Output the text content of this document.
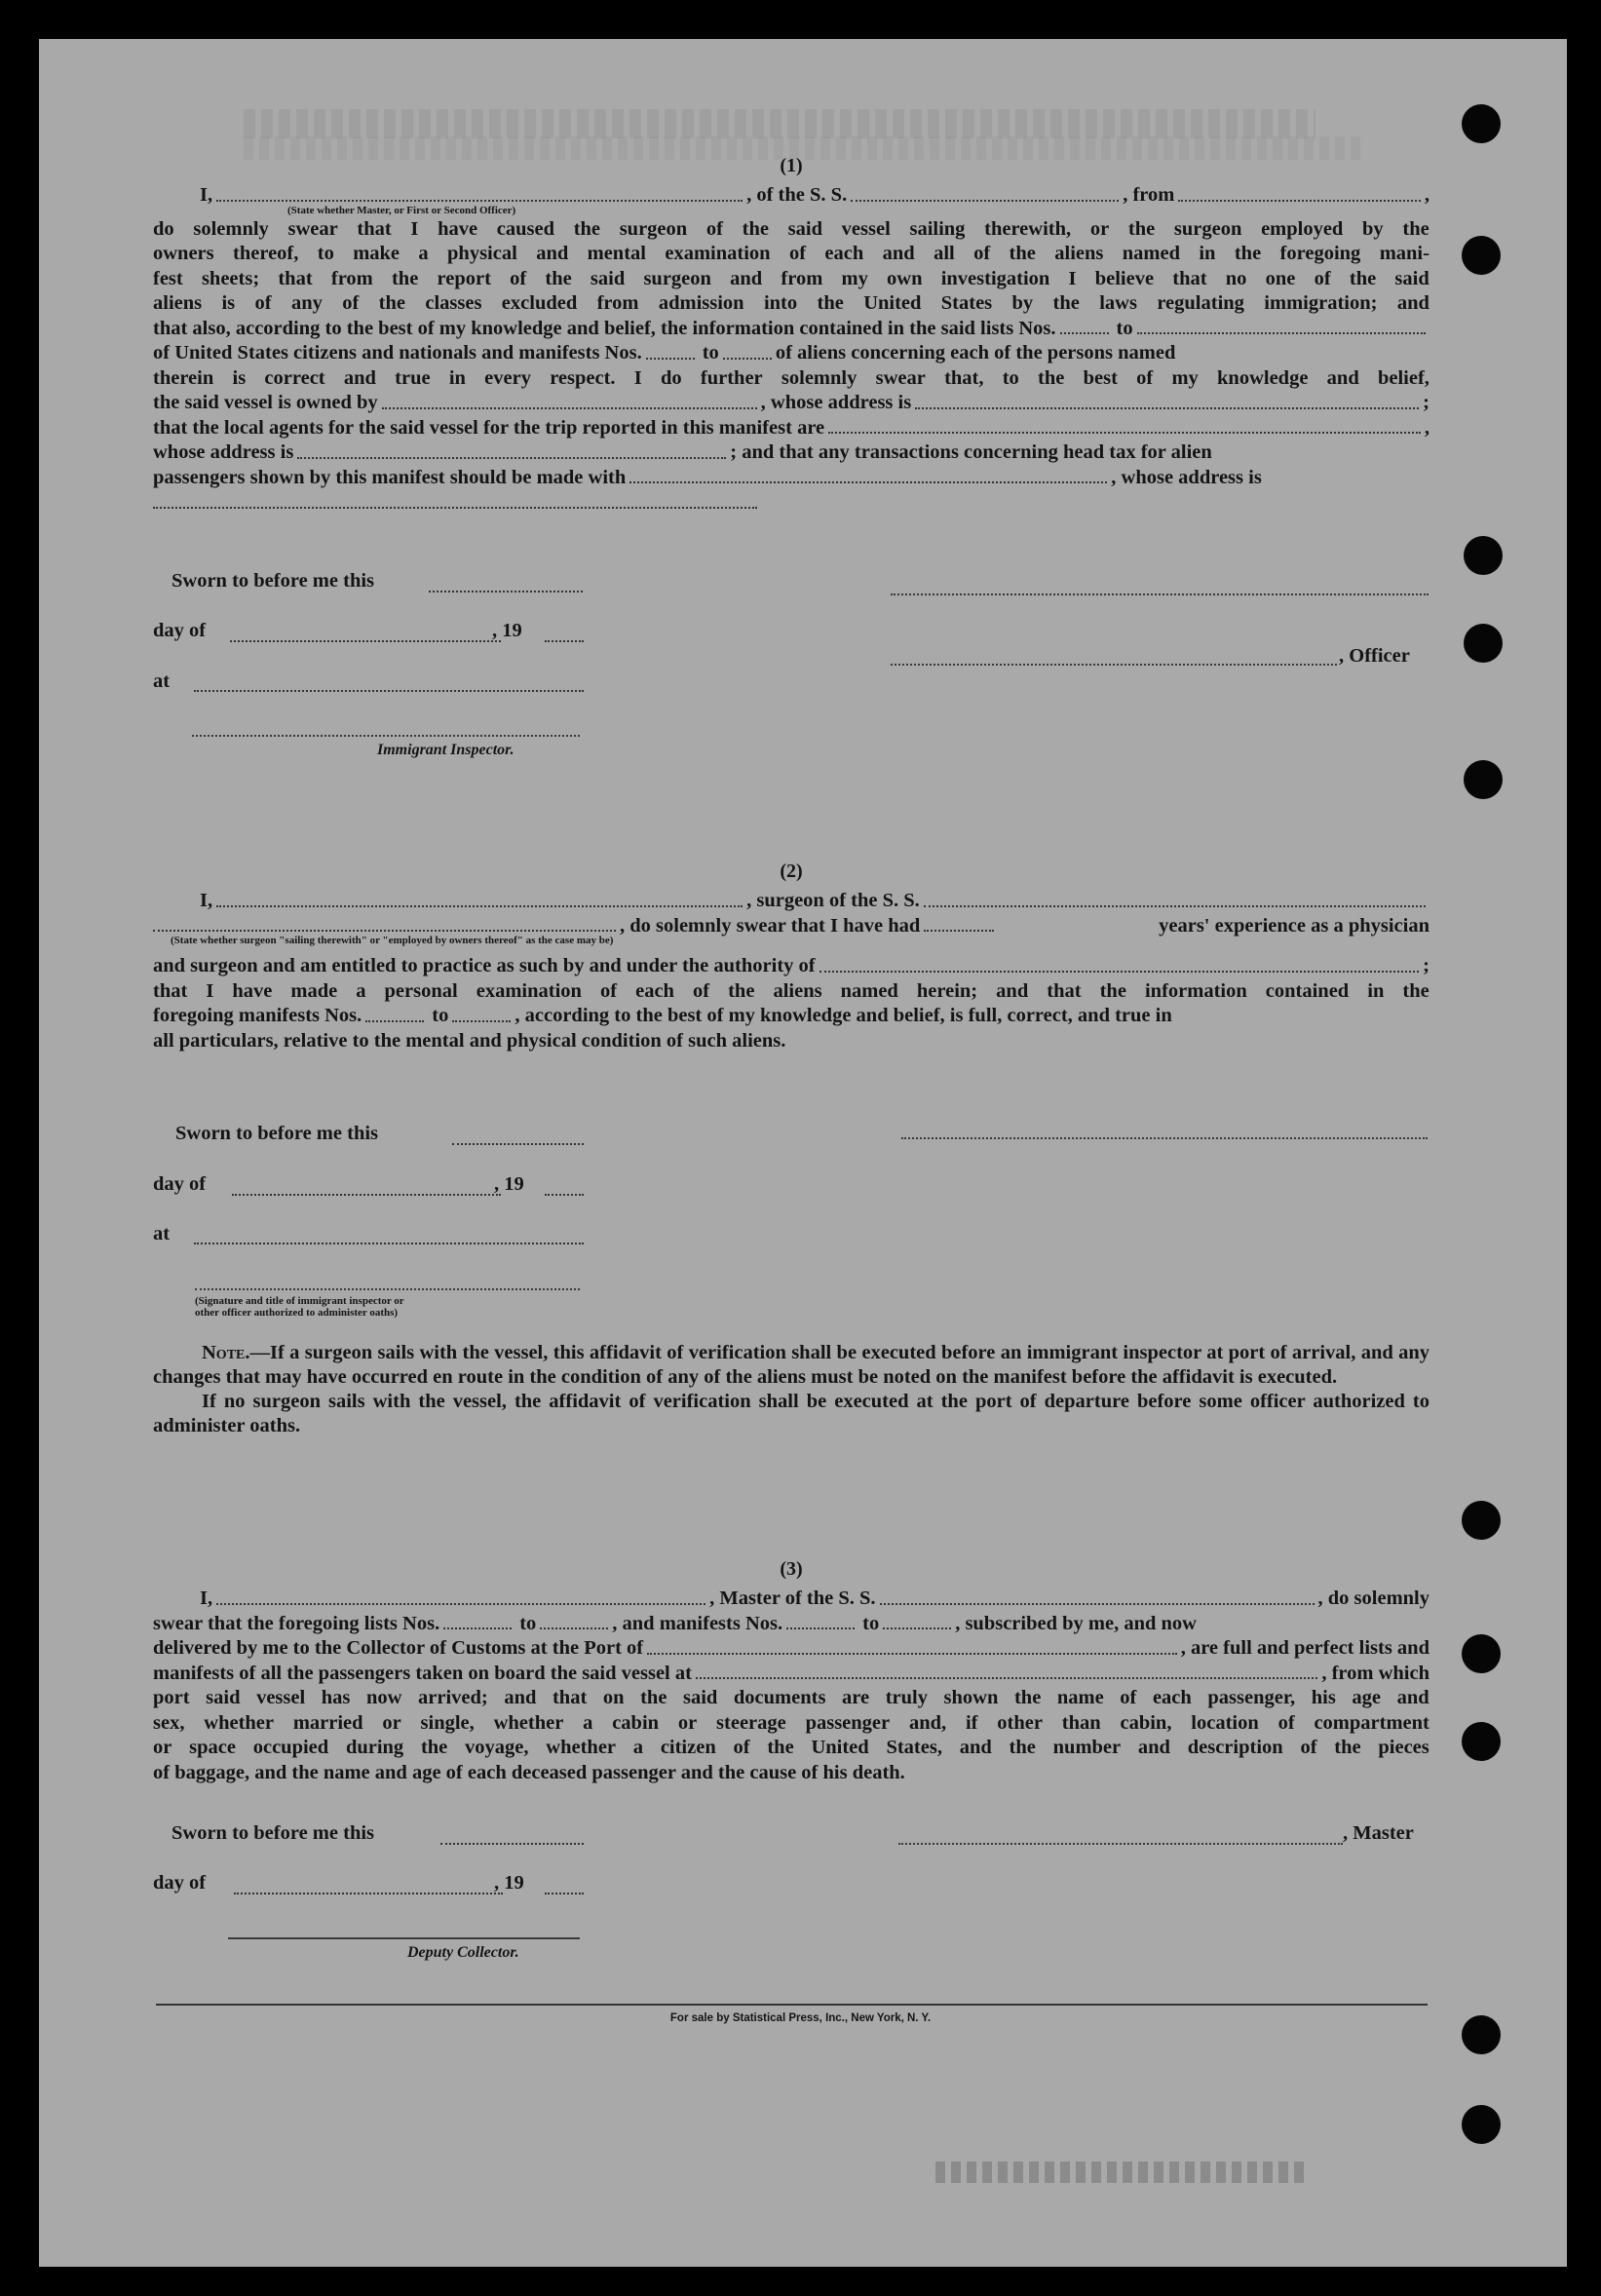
(1)
I,	, of the S. S.	, from	,
(State whether Master, or First or Second Officer)
do solemnly swear that I have caused the surgeon of the said vessel sailing therewith, or the surgeon employed by the
owners thereof, to make a physical and mental examination of each and all of the aliens named in the foregoing mani-
fest sheets; that from the report of the said surgeon and from my own investigation I believe that no one of the said
aliens is of any of the classes excluded from admission into the United States by the laws regulating immigration; and
that also, according to the best of my knowledge and belief, the information contained in the said lists Nos.	to
of United States citizens and nationals and manifests Nos.	to	of aliens concerning each of the persons named
therein is correct and true in every respect. I do further solemnly swear that, to the best of my knowledge and belief,
the said vessel is owned by	, whose address is	;
that the local agents for the said vessel for the trip reported in this manifest are	,
whose address is	; and that any transactions concerning head tax for alien
passengers shown by this manifest should be made with	, whose address is
Sworn to before me this
day of	, 19
at
Immigrant Inspector.
, Officer
(2)
I,	, surgeon of the S. S.
, do solemnly swear that I have had	years' experience as a physician
(State whether surgeon "sailing therewith" or "employed by owners thereof" as the case may be)
and surgeon and am entitled to practice as such by and under the authority of	;
that I have made a personal examination of each of the aliens named herein; and that the information contained in the
foregoing manifests Nos.	to	, according to the best of my knowledge and belief, is full, correct, and true in
all particulars, relative to the mental and physical condition of such aliens.
Sworn to before me this
day of	, 19
at
(Signature and title of immigrant inspector or
other officer authorized to administer oaths)
Note.—If a surgeon sails with the vessel, this affidavit of verification shall be executed before an immigrant inspector at port of arrival, and any changes that may have occurred en route in the condition of any of the aliens must be noted on the manifest before the affidavit is executed.
If no surgeon sails with the vessel, the affidavit of verification shall be executed at the port of departure before some officer authorized to administer oaths.
(3)
I,	, Master of the S. S.	, do solemnly
swear that the foregoing lists Nos.	to	, and manifests Nos.	to	, subscribed by me, and now
delivered by me to the Collector of Customs at the Port of	, are full and perfect lists and
manifests of all the passengers taken on board the said vessel at	, from which
port said vessel has now arrived; and that on the said documents are truly shown the name of each passenger, his age and
sex, whether married or single, whether a cabin or steerage passenger and, if other than cabin, location of compartment
or space occupied during the voyage, whether a citizen of the United States, and the number and description of the pieces
of baggage, and the name and age of each deceased passenger and the cause of his death.
Sworn to before me this
day of	, 19
Deputy Collector.
, Master
For sale by Statistical Press, Inc., New York, N. Y.
